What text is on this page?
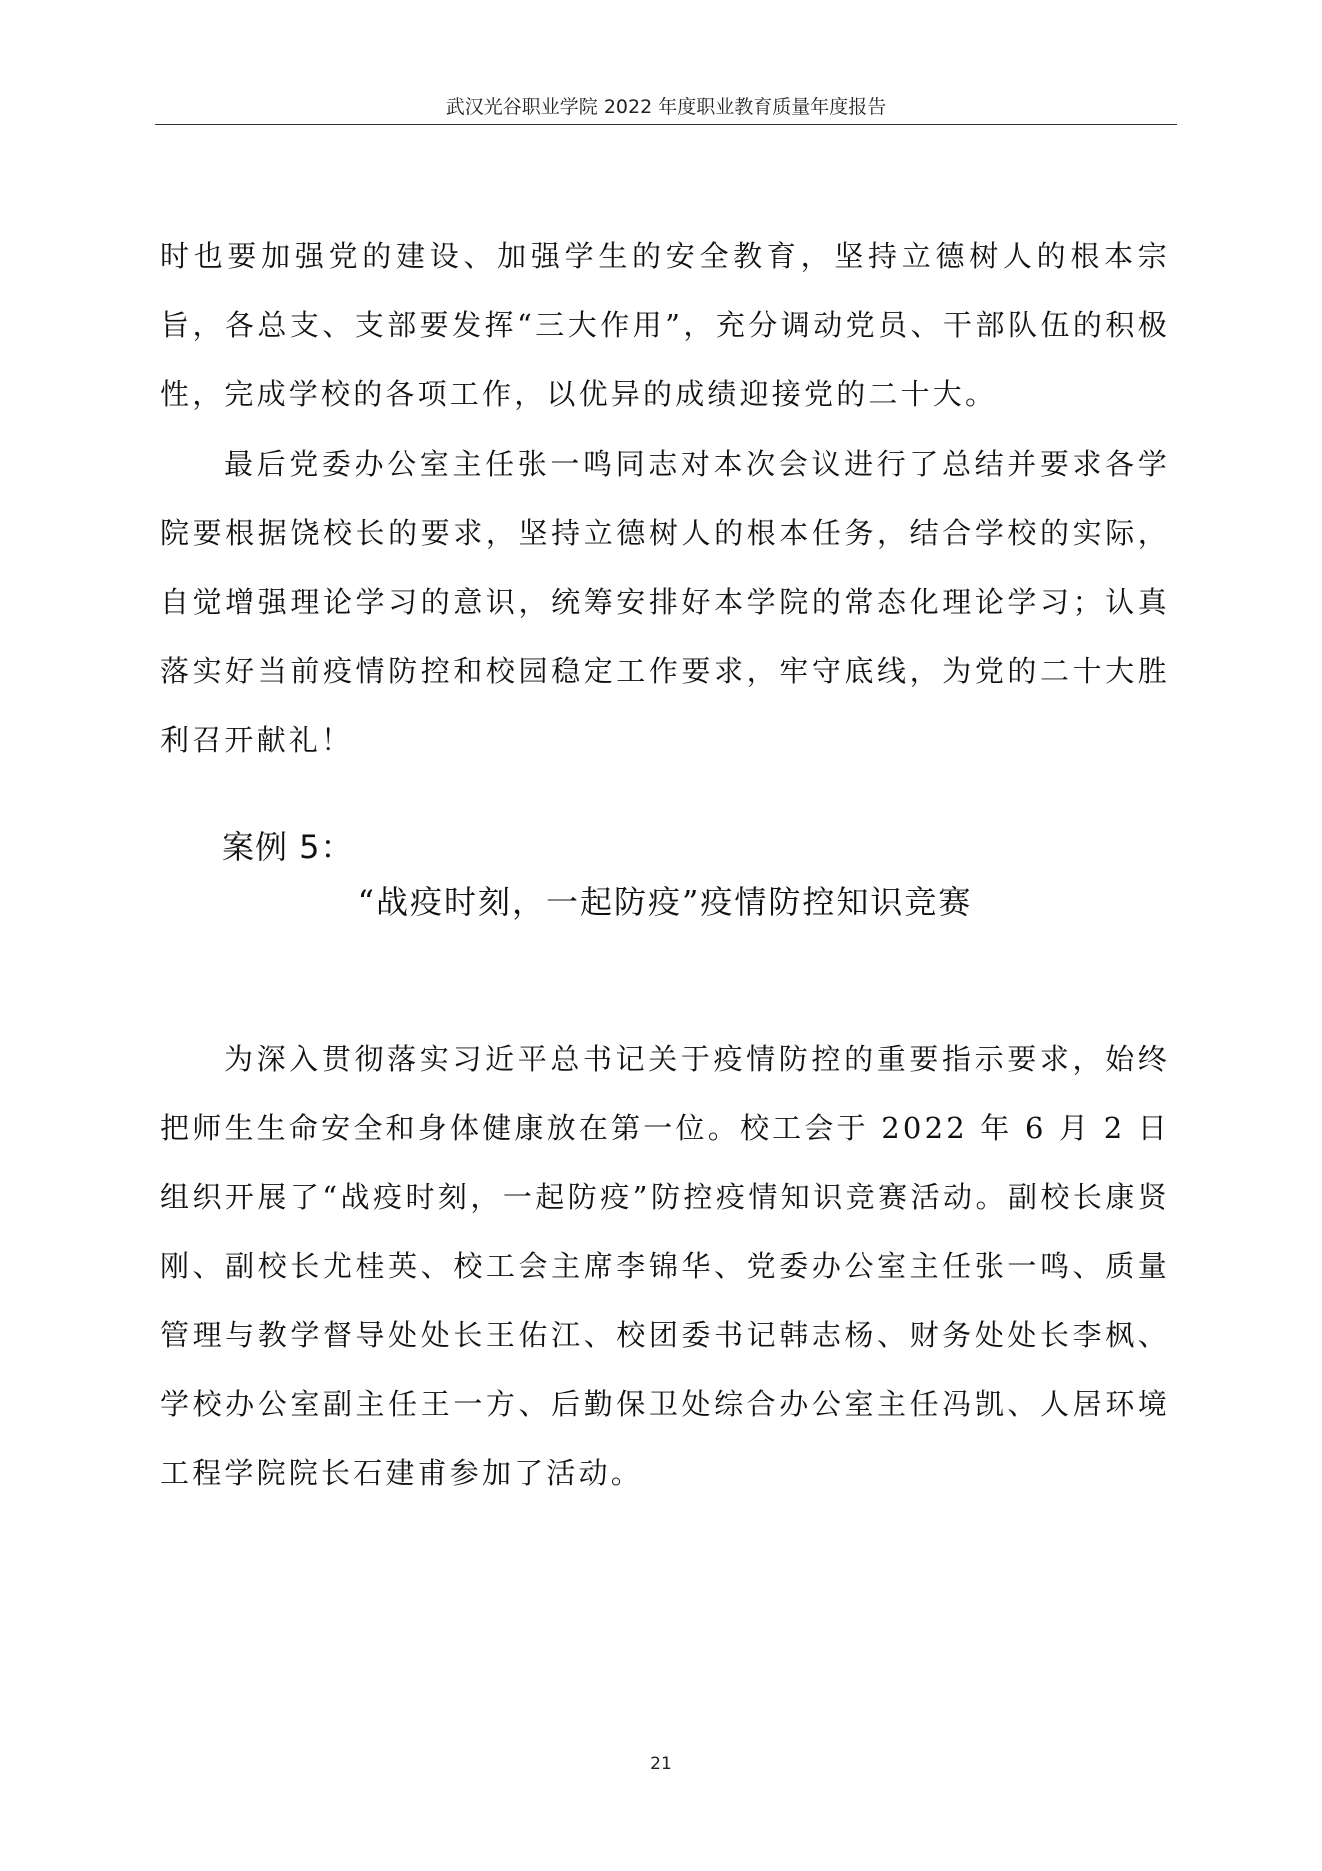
武汉光谷职业学院 2022 年度职业教育质量年度报告

时也要加强党的建设、加强学生的安全教育，坚持立德树人的根本宗旨，各总支、支部要发挥“三大作用”，充分调动党员、干部队伍的积极性，完成学校的各项工作，以优异的成绩迎接党的二十大。

最后党委办公室主任张一鸣同志对本次会议进行了总结并要求各学院要根据饶校长的要求，坚持立德树人的根本任务，结合学校的实际，自觉增强理论学习的意识，统筹安排好本学院的常态化理论学习；认真落实好当前疫情防控和校园稳定工作要求，牢守底线，为党的二十大胜利召开献礼！

案例 5：
“战疫时刻，一起防疫”疫情防控知识竞赛

为深入贯彻落实习近平总书记关于疫情防控的重要指示要求，始终把师生生命安全和身体健康放在第一位。校工会于 2022 年 6 月 2 日组织开展了“战疫时刻，一起防疫”防控疫情知识竞赛活动。副校长康贤刚、副校长尤桂英、校工会主席李锦华、党委办公室主任张一鸣、质量管理与教学督导处处长王佑江、校团委书记韩志杨、财务处处长李枫、学校办公室副主任王一方、后勤保卫处综合办公室主任冯凯、人居环境工程学院院长石建甫参加了活动。

21
